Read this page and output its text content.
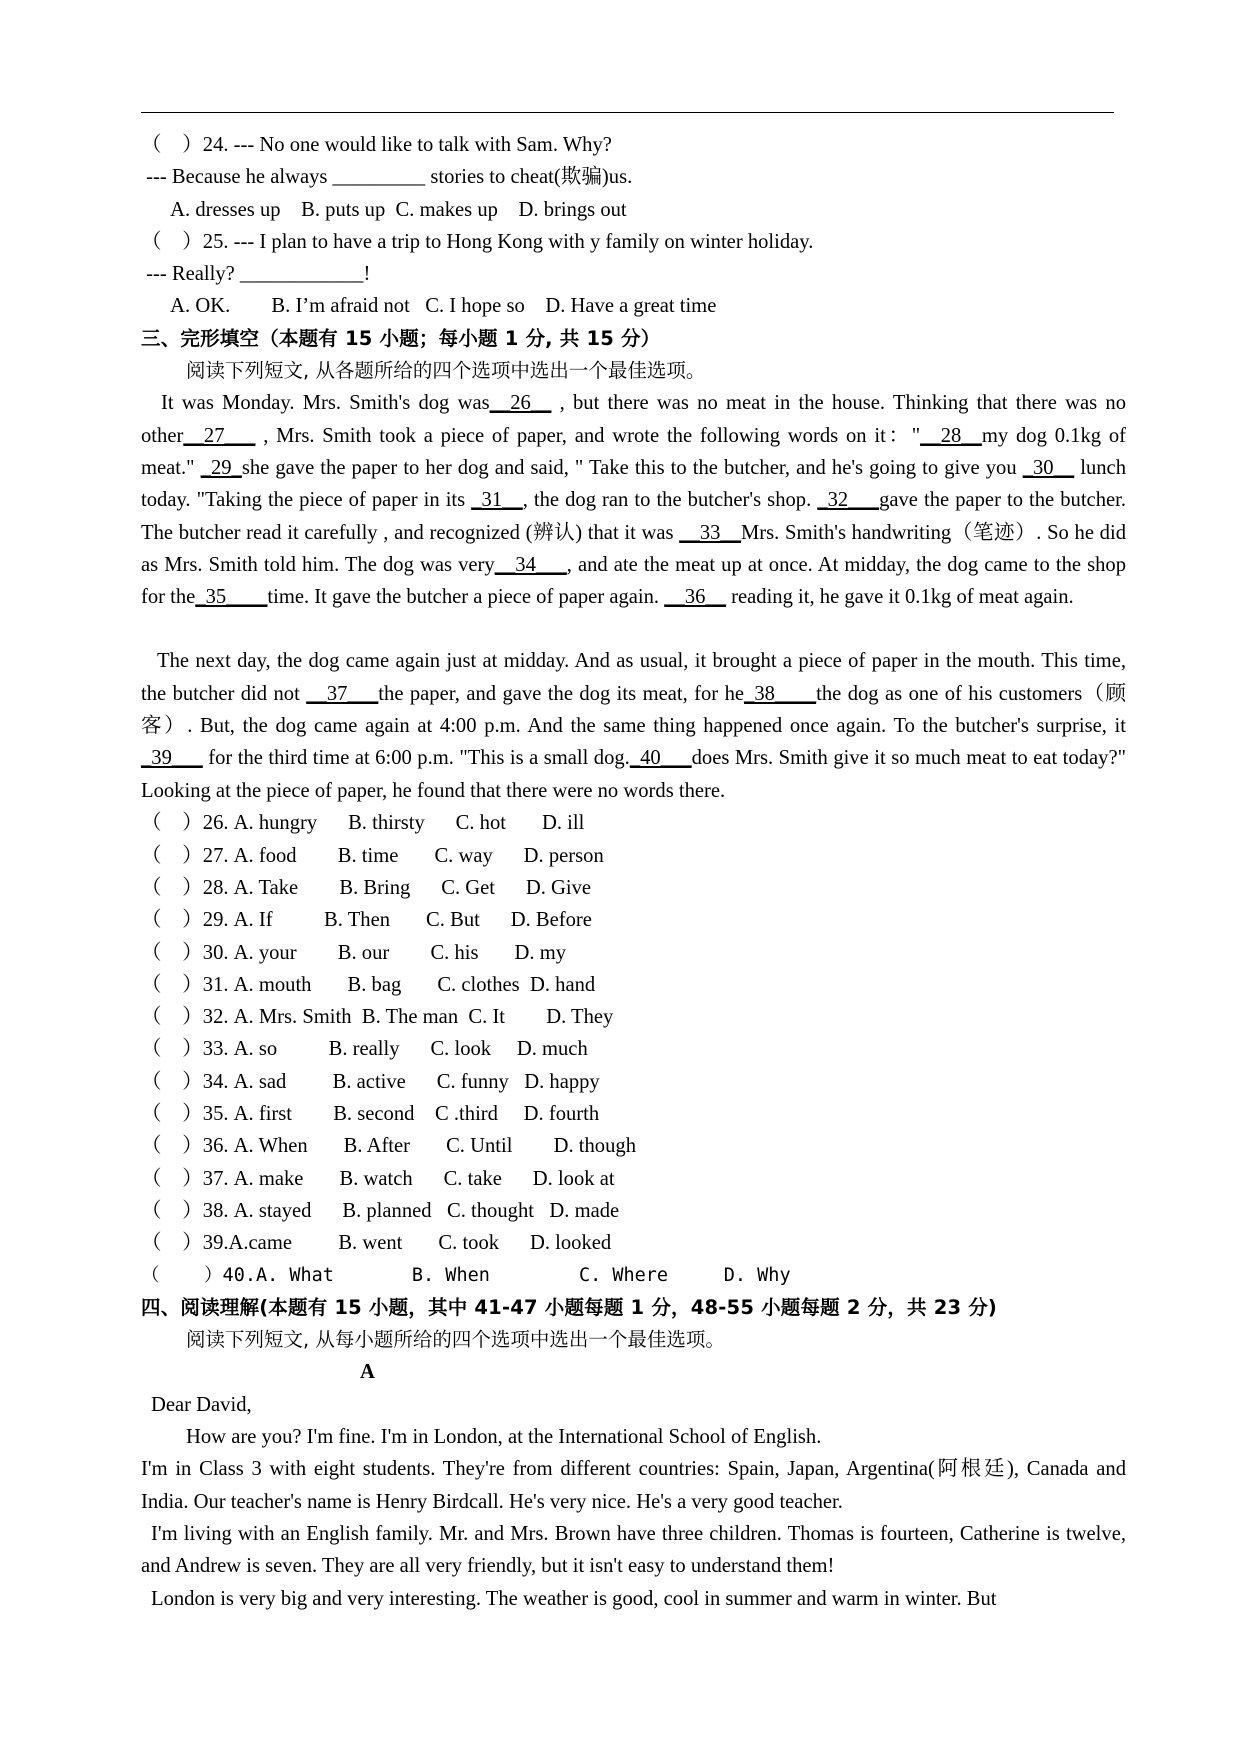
（　）24. --- No one would like to talk with Sam. Why?
--- Because he always _________ stories to cheat(欺骗)us.
A. dresses up    B. puts up  C. makes up    D. brings out
（　）25. --- I plan to have a trip to Hong Kong with y family on winter holiday.
--- Really? ____________!
A. OK.        B. I’m afraid not   C. I hope so    D. Have a great time
三、完形填空（本题有 15 小题；每小题 1 分, 共 15 分）
阅读下列短文, 从各题所给的四个选项中选出一个最佳选项。
It was Monday. Mrs. Smith's dog was__26__ , but there was no meat in the house. Thinking that there was no other__27___ , Mrs. Smith took a piece of paper, and wrote the following words on it："__28__my dog 0.1kg of meat." _29_she gave the paper to her dog and said, " Take this to the butcher, and he's going to give you _30__ lunch today. "Taking the piece of paper in its _31__, the dog ran to the butcher's shop. _32___gave the paper to the butcher. The butcher read it carefully , and recognized (辨认) that it was __33__Mrs. Smith's handwriting（笔迹）. So he did as Mrs. Smith told him. The dog was very__34___, and ate the meat up at once. At midday, the dog came to the shop for the_35____time. It gave the butcher a piece of paper again. __36__ reading it, he gave it 0.1kg of meat again.
The next day, the dog came again just at midday. And as usual, it brought a piece of paper in the mouth. This time, the butcher did not __37___the paper, and gave the dog its meat, for he_38____the dog as one of his customers（顾客）. But, the dog came again at 4:00 p.m. And the same thing happened once again. To the butcher's surprise, it _39___ for the third time at 6:00 p.m. "This is a small dog._40___does Mrs. Smith give it so much meat to eat today?" Looking at the piece of paper, he found that there were no words there.
（　）26. A. hungry      B. thirsty      C. hot       D. ill
（　）27. A. food        B. time       C. way      D. person
（　）28. A. Take        B. Bring      C. Get      D. Give
（　）29. A. If          B. Then       C. But      D. Before
（　）30. A. your        B. our        C. his       D. my
（　）31. A. mouth       B. bag       C. clothes  D. hand
（　）32. A. Mrs. Smith  B. The man  C. It        D. They
（　）33. A. so          B. really      C. look     D. much
（　）34. A. sad         B. active      C. funny   D. happy
（　）35. A. first        B. second    C .third     D. fourth
（　）36. A. When       B. After       C. Until        D. though
（　）37. A. make       B. watch      C. take      D. look at
（　）38. A. stayed      B. planned   C. thought   D. made
（　）39.A.came         B. went       C. took      D. looked
（    ）40.A. What       B. When        C. Where     D. Why
四、阅读理解(本题有 15 小题，其中 41-47 小题每题 1 分，48-55 小题每题 2 分，共 23 分)
阅读下列短文, 从每小题所给的四个选项中选出一个最佳选项。
A
Dear David,
How are you? I'm fine. I'm in London, at the International School of English.
I'm in Class 3 with eight students. They're from different countries: Spain, Japan, Argentina(阿根廷), Canada and India. Our teacher's name is Henry Birdcall. He's very nice. He's a very good teacher.
I'm living with an English family. Mr. and Mrs. Brown have three children. Thomas is fourteen, Catherine is twelve, and Andrew is seven. They are all very friendly, but it isn't easy to understand them!
London is very big and very interesting. The weather is good, cool in summer and warm in winter. But
